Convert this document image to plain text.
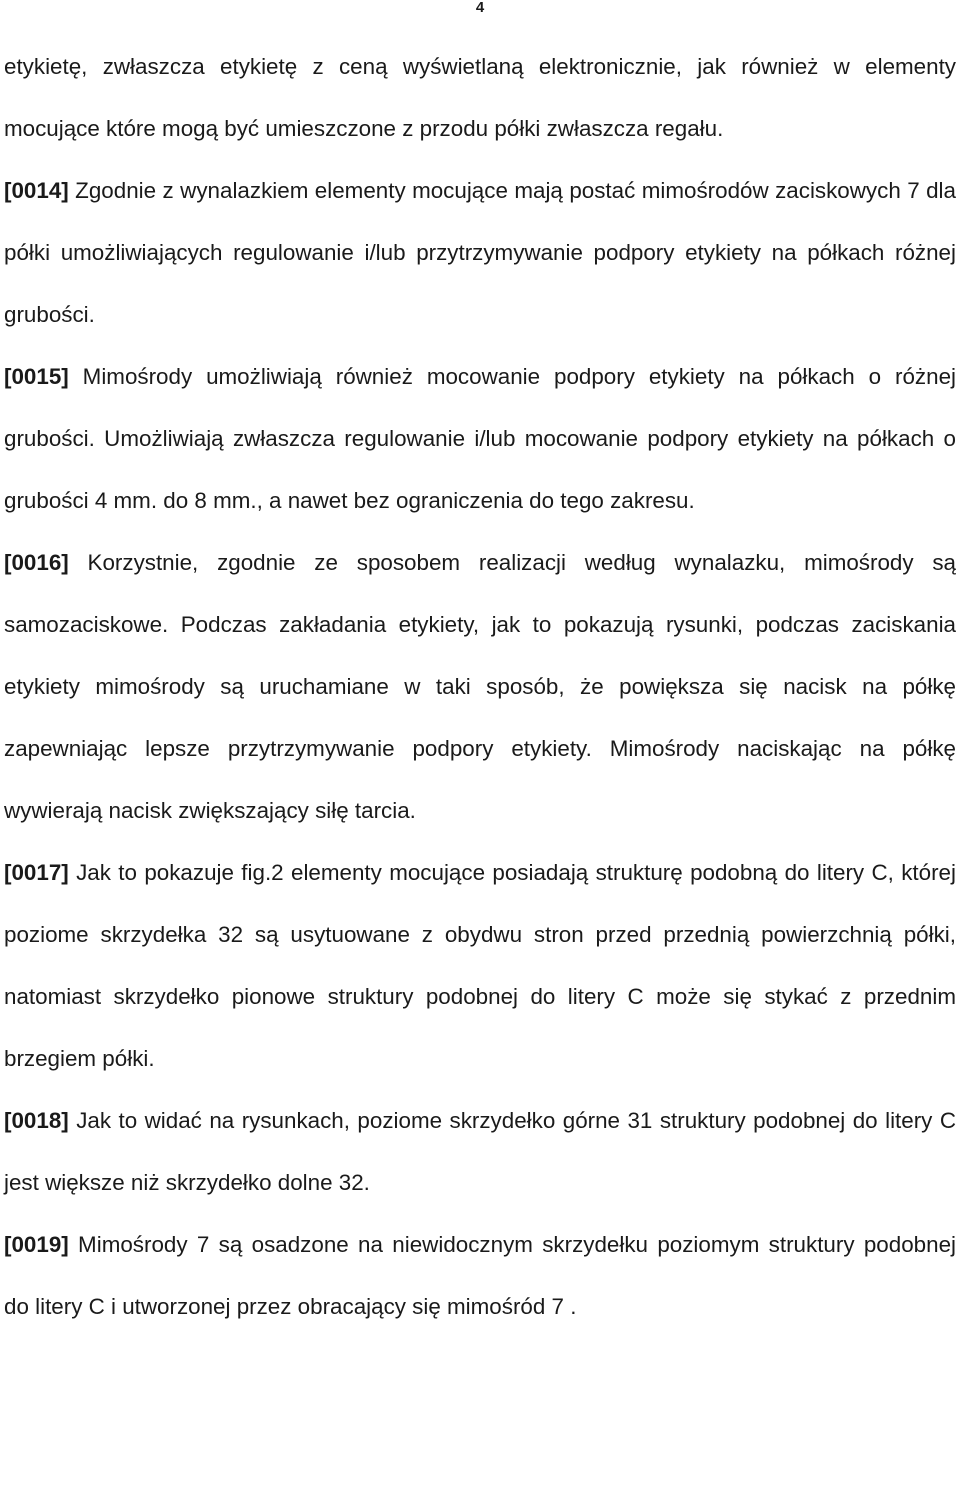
4

etykietę, zwłaszcza etykietę z ceną wyświetlaną elektronicznie, jak również w elementy mocujące które mogą być umieszczone z przodu półki zwłaszcza regału.

[0014] Zgodnie z wynalazkiem elementy mocujące mają postać mimośrodów zaciskowych 7 dla półki umożliwiających regulowanie i/lub przytrzymywanie podpory etykiety na półkach różnej grubości.

[0015] Mimośrody umożliwiają również mocowanie podpory etykiety na półkach o różnej grubości. Umożliwiają zwłaszcza regulowanie i/lub mocowanie podpory etykiety na półkach o grubości 4 mm. do 8 mm., a nawet bez ograniczenia do tego zakresu.

[0016] Korzystnie, zgodnie ze sposobem realizacji według wynalazku, mimośrody są samozaciskowe. Podczas zakładania etykiety, jak to pokazują rysunki, podczas zaciskania etykiety mimośrody są uruchamiane w taki sposób, że powiększa się nacisk na półkę zapewniając lepsze przytrzymywanie podpory etykiety. Mimośrody naciskając na półkę wywierają nacisk zwiększający siłę tarcia.

[0017] Jak to pokazuje fig.2 elementy mocujące posiadają strukturę podobną do litery C, której poziome skrzydełka 32 są usytuowane z obydwu stron przed przednią powierzchnią półki, natomiast skrzydełko pionowe struktury podobnej do litery C może się stykać z przednim brzegiem półki.

[0018] Jak to widać na rysunkach, poziome skrzydełko górne 31 struktury podobnej do litery C jest większe niż skrzydełko dolne 32.

[0019] Mimośrody 7 są osadzone na niewidocznym skrzydełku poziomym struktury podobnej do litery C i utworzonej przez obracający się mimośród 7 .
